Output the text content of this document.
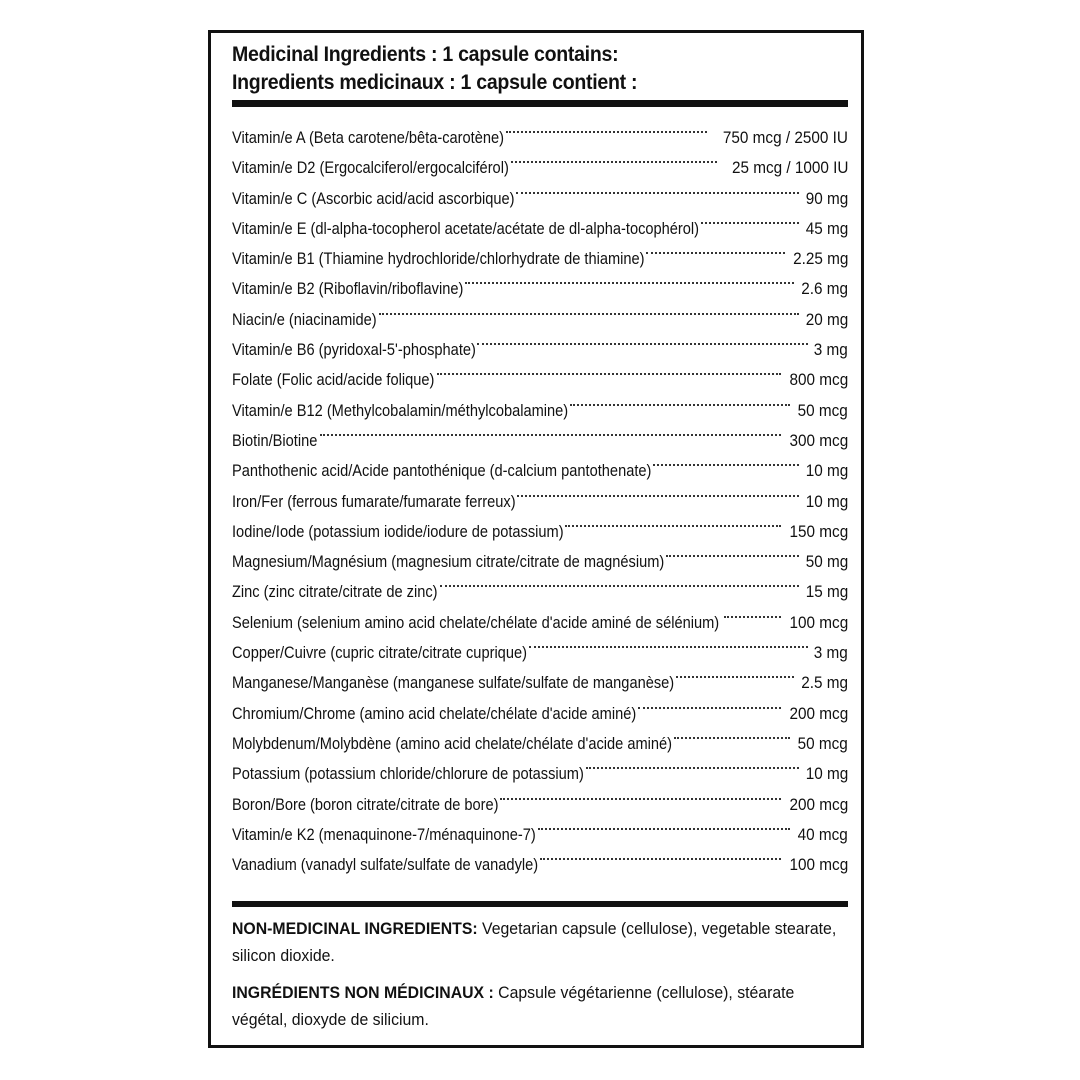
Medicinal Ingredients : 1 capsule contains:
Ingredients medicinaux : 1 capsule contient :
Vitamin/e A (Beta carotene/bêta-carotène)	750 mcg / 2500 IU
Vitamin/e D2 (Ergocalciferol/ergocalciférol)	25 mcg / 1000 IU
Vitamin/e C (Ascorbic acid/acid ascorbique)	90 mg
Vitamin/e E (dl-alpha-tocopherol acetate/acétate de dl-alpha-tocophérol)	45 mg
Vitamin/e B1 (Thiamine hydrochloride/chlorhydrate de thiamine)	2.25 mg
Vitamin/e B2 (Riboflavin/riboflavine)	2.6 mg
Niacin/e (niacinamide)	20 mg
Vitamin/e B6 (pyridoxal-5'-phosphate)	3 mg
Folate (Folic acid/acide folique)	800 mcg
Vitamin/e B12 (Methylcobalamin/méthylcobalamine)	50 mcg
Biotin/Biotine	300 mcg
Panthothenic acid/Acide pantothénique (d-calcium pantothenate)	10 mg
Iron/Fer (ferrous fumarate/fumarate ferreux)	10 mg
Iodine/Iode (potassium iodide/iodure de potassium)	150 mcg
Magnesium/Magnésium (magnesium citrate/citrate de magnésium)	50 mg
Zinc (zinc citrate/citrate de zinc)	15 mg
Selenium (selenium amino acid chelate/chélate d'acide aminé de sélénium)	100 mcg
Copper/Cuivre (cupric citrate/citrate cuprique)	3 mg
Manganese/Manganèse (manganese sulfate/sulfate de manganèse)	2.5 mg
Chromium/Chrome (amino acid chelate/chélate d'acide aminé)	200 mcg
Molybdenum/Molybdène (amino acid chelate/chélate d'acide aminé)	50 mcg
Potassium (potassium chloride/chlorure de potassium)	10 mg
Boron/Bore (boron citrate/citrate de bore)	200 mcg
Vitamin/e K2 (menaquinone-7/ménaquinone-7)	40 mcg
Vanadium (vanadyl sulfate/sulfate de vanadyle)	100 mcg

NON-MEDICINAL INGREDIENTS: Vegetarian capsule (cellulose), vegetable stearate, silicon dioxide.

INGRÉDIENTS NON MÉDICINAUX : Capsule végétarienne (cellulose), stéarate végétal, dioxyde de silicium.
